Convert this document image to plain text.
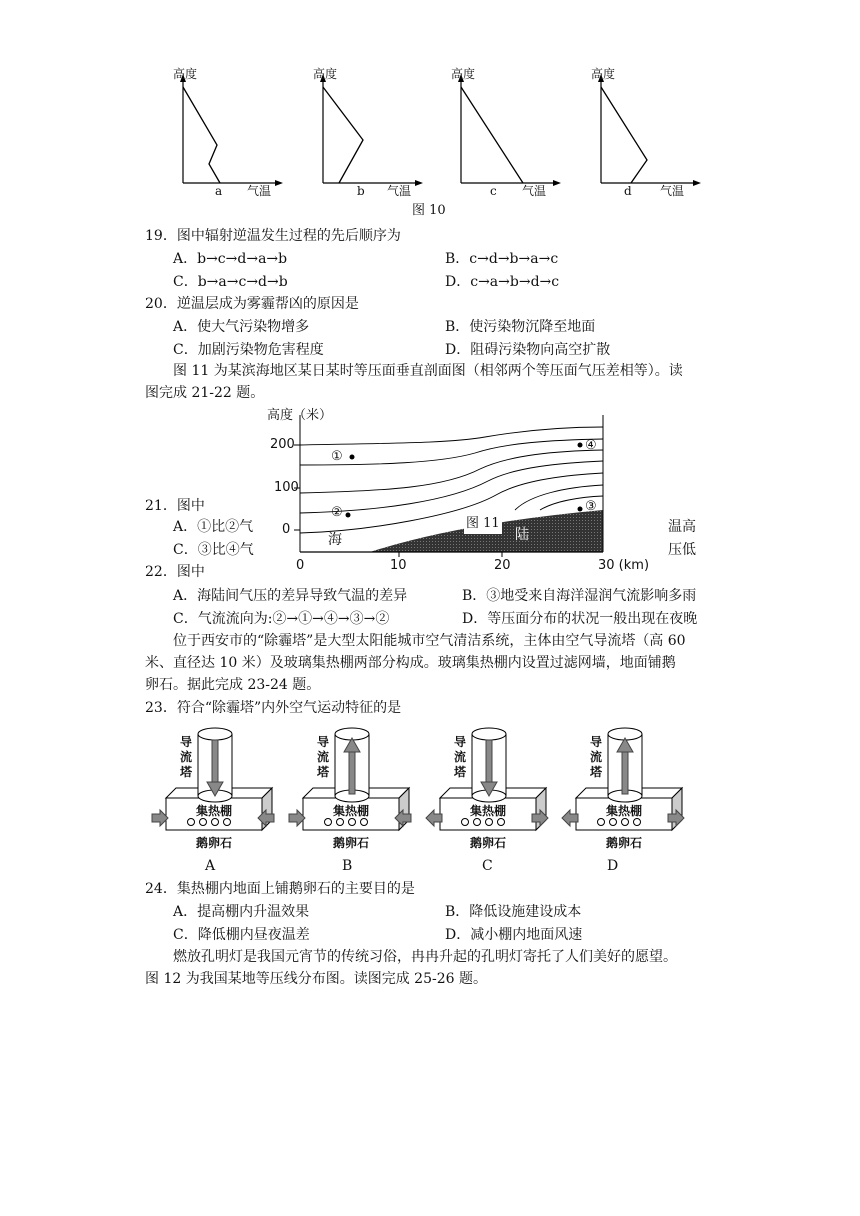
高度
a 气温
高度
b 气温
高度
c 气温
高度
d 气温
图 10
19．图中辐射逆温发生过程的先后顺序为
A．b→c→d→a→b	B．c→d→b→a→c
C．b→a→c→d→b	D．c→a→b→d→c
20．逆温层成为雾霾帮凶的原因是
A．使大气污染物增多	B．使污染物沉降至地面
C．加剧污染物危害程度	D．阻碍污染物向高空扩散
图 11 为某滨海地区某日某时等压面垂直剖面图（相邻两个等压面气压差相等）。读
图完成 21-22 题。
高度（米）
200
100
0
0	10	20	30 (km)
海	陆
图 11
①
②	③
④
21．图中
A．①比②气
C．③比④气
温高
压低
22．图中
A．海陆间气压的差异导致气温的差异	B．③地受来自海洋湿润气流影响多雨
C．气流流向为:②→①→④→③→②	D．等压面分布的状况一般出现在夜晚
位于西安市的“除霾塔”是大型太阳能城市空气清洁系统，主体由空气导流塔（高 60
米、直径达 10 米）及玻璃集热棚两部分构成。玻璃集热棚内设置过滤网墙，地面铺鹅
卵石。据此完成 23-24 题。
23．符合“除霾塔”内外空气运动特征的是
导
流
塔
导
流
塔
导
流
塔
导
流
塔
集热棚	集热棚	集热棚	集热棚
鹅卵石	鹅卵石	鹅卵石	鹅卵石
A	B	C	D
24．集热棚内地面上铺鹅卵石的主要目的是
A．提高棚内升温效果	B．降低设施建设成本
C．降低棚内昼夜温差	D．减小棚内地面风速
燃放孔明灯是我国元宵节的传统习俗，冉冉升起的孔明灯寄托了人们美好的愿望。
图 12 为我国某地等压线分布图。读图完成 25-26 题。
